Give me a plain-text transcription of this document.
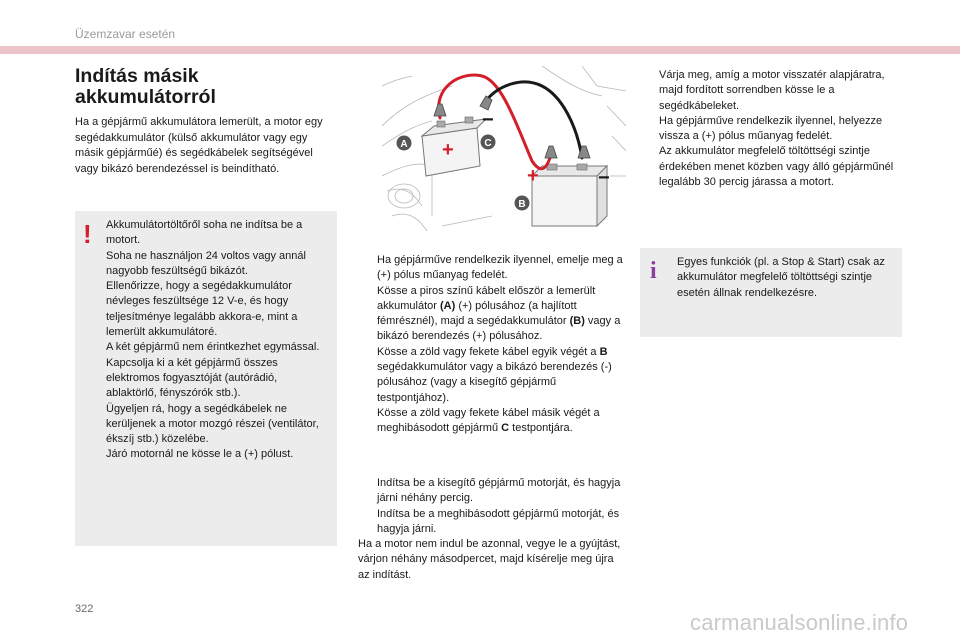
Üzemzavar esetén
Indítás másik
akkumulátorról

Ha a gépjármű akkumulátora lemerült, a motor egy segédakkumulátor (külső akkumulátor vagy egy másik gépjárműé) és segédkábelek segítségével vagy bikázó berendezéssel is beindítható.

! Akkumulátortöltőről soha ne indítsa be a motort.
Soha ne használjon 24 voltos vagy annál nagyobb feszültségű bikázót.
Ellenőrizze, hogy a segédakkumulátor névleges feszültsége 12 V-e, és hogy teljesítménye legalább akkora-e, mint a lemerült akkumulátoré.
A két gépjármű nem érintkezhet egymással.
Kapcsolja ki a két gépjármű összes elektromos fogyasztóját (autórádió, ablaktörlő, fényszórók stb.).
Ügyeljen rá, hogy a segédkábelek ne kerüljenek a motor mozgó részei (ventilátor, ékszíj stb.) közelébe.
Járó motornál ne kösse le a (+) pólust.
A
B
C
+
+
−
−
Ha gépjárműve rendelkezik ilyennel, emelje meg a (+) pólus műanyag fedelét.
Kösse a piros színű kábelt először a lemerült akkumulátor (A) (+) pólusához (a hajlított fémrésznél), majd a segédakkumulátor (B) vagy a bikázó berendezés (+) pólusához.
Kösse a zöld vagy fekete kábel egyik végét a B segédakkumulátor vagy a bikázó berendezés (-) pólusához (vagy a kisegítő gépjármű testpontjához).
Kösse a zöld vagy fekete kábel másik végét a meghibásodott gépjármű C testpontjára.
Indítsa be a kisegítő gépjármű motorját, és hagyja járni néhány percig.
Indítsa be a meghibásodott gépjármű motorját, és hagyja járni.
Ha a motor nem indul be azonnal, vegye le a gyújtást, várjon néhány másodpercet, majd kísérelje meg újra az indítást.
Várja meg, amíg a motor visszatér alapjáratra, majd fordított sorrendben kösse le a segédkábeleket.
Ha gépjárműve rendelkezik ilyennel, helyezze vissza a (+) pólus műanyag fedelét.
Az akkumulátor megfelelő töltöttségi szintje érdekében menet közben vagy álló gépjárműnél legalább 30 percig járassa a motort.
i Egyes funkciók (pl. a Stop & Start) csak az akkumulátor megfelelő töltöttségi szintje esetén állnak rendelkezésre.

322
carmanualsonline.info
